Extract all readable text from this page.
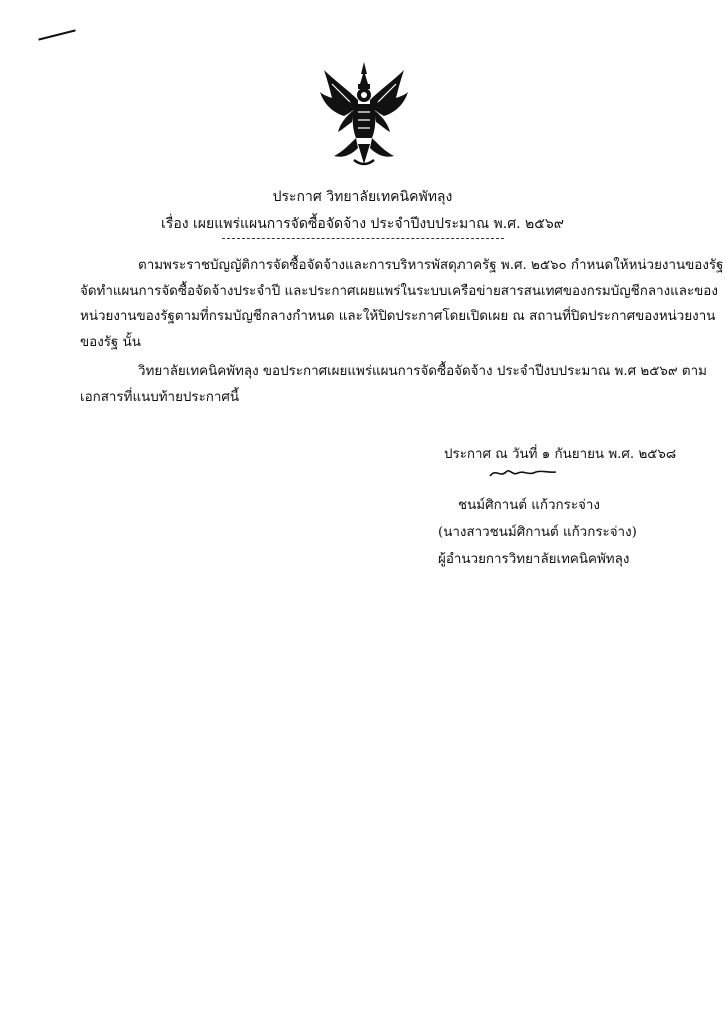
ประกาศ วิทยาลัยเทคนิคพัทลุง
เรื่อง เผยแพร่แผนการจัดซื้อจัดจ้าง ประจำปีงบประมาณ พ.ศ. ๒๕๖๙
ตามพระราชบัญญัติการจัดซื้อจัดจ้างและการบริหารพัสดุภาครัฐ พ.ศ. ๒๕๖๐ กำหนดให้หน่วยงานของรัฐ
จัดทำแผนการจัดซื้อจัดจ้างประจำปี และประกาศเผยแพร่ในระบบเครือข่ายสารสนเทศของกรมบัญชีกลางและของ
หน่วยงานของรัฐตามที่กรมบัญชีกลางกำหนด และให้ปิดประกาศโดยเปิดเผย ณ สถานที่ปิดประกาศของหน่วยงาน
ของรัฐ นั้น
วิทยาลัยเทคนิคพัทลุง ขอประกาศเผยแพร่แผนการจัดซื้อจัดจ้าง ประจำปีงบประมาณ พ.ศ ๒๕๖๙ ตาม
เอกสารที่แนบท้ายประกาศนี้
ประกาศ ณ วันที่ ๑ กันยายน พ.ศ. ๒๕๖๘
ชนม์ศิกานต์ แก้วกระจ่าง
(นางสาวชนม์ศิกานต์ แก้วกระจ่าง)
ผู้อำนวยการวิทยาลัยเทคนิคพัทลุง
